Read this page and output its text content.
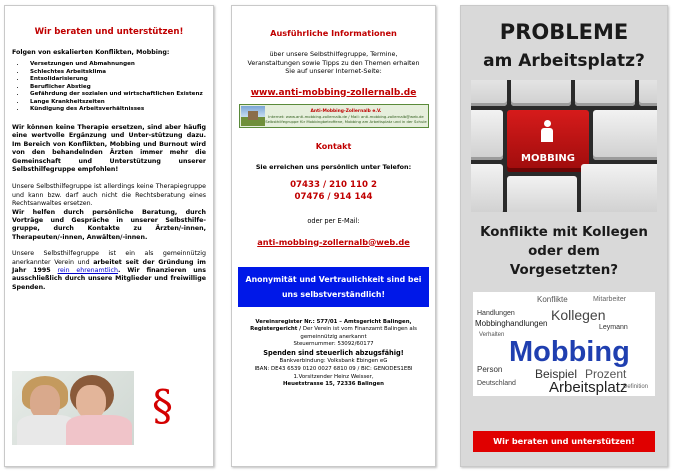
Wir beraten und unterstützen!
Folgen von eskalierten Konflikten, Mobbing:
• Versetzungen und Abmahnungen
• Schlechtes Arbeitsklima
• Entsolidarisierung
• Beruflicher Abstieg
• Gefährdung der sozialen und wirtschaftlichen Existenz
• Lange Krankheitszeiten
• Kündigung des Arbeitsverhältnisses
Wir können keine Therapie ersetzen, sind aber häufig eine wertvolle Ergänzung und Unter-stützung dazu. Im Bereich von Konflikten, Mobbing und Burnout wird von den behandelnden Ärzten immer mehr die Gemeinschaft und Unterstützung unserer Selbsthilfegruppe empfohlen!
Unsere Selbsthilfegruppe ist allerdings keine Therapiegruppe und kann bzw. darf auch nicht die Rechtsberatung eines Rechtsanwaltes ersetzen.
Wir helfen durch persönliche Beratung, durch Vorträge und Gespräche in unserer Selbsthilfe-gruppe, durch Kontakte zu Ärzten/-innen, Therapeuten/-innen, Anwälten/-innen.
Unsere Selbsthilfegruppe ist ein als gemeinnützig anerkannter Verein und arbeitet seit der Gründung im Jahr 1995 rein ehrenamtlich. Wir finanzieren uns ausschließlich durch unsere Mitglieder und freiwillige Spenden.
§
Ausführliche Informationen
über unsere Selbsthilfegruppe, Termine, Veranstaltungen sowie Tipps zu den Themen erhalten Sie auf unserer Internet-Seite:
www.anti-mobbing-zollernalb.de
Anti-Mobbing-Zollernalb e.V.
Internet: www.anti-mobbing-zollernalb.de / Mail: anti-mobbing-zollernalb@web.de
Selbsthilfegruppe für Mobbingbetroffene, Mobbing am Arbeitsplatz und in der Schule
Kontakt
Sie erreichen uns persönlich unter Telefon:
07433 / 210 110 2
07476 / 914 144
oder per E-Mail:
anti-mobbing-zollernalb@web.de
Anonymität und Vertraulichkeit sind bei uns selbstverständlich!
Vereinsregister Nr.: 577/01 – Amtsgericht Balingen, Registergericht / Der Verein ist vom Finanzamt Balingen als gemeinnützig anerkannt
Steuernummer: 53092/60177
Spenden sind steuerlich abzugsfähig!
Bankverbindung: Volksbank Ebingen eG
IBAN: DE43 6539 0120 0027 6810 09 / BIC: GENODES1EBI
1.Vorsitzender Heinz Weisser,
Heuetstrasse 15, 72336 Balingen
PROBLEME
am Arbeitsplatz?
MOBBING
Konflikte mit Kollegen
oder dem
Vorgesetzten?
Handlungen
Mobbinghandlungen
Verhalten
Person
Kollegen
Mobbing
Beispiel Prozent
Arbeitsplatz
Definition
Leymann
Deutschland
Konflikte	Mitarbeiter
Wir beraten und unterstützen!
